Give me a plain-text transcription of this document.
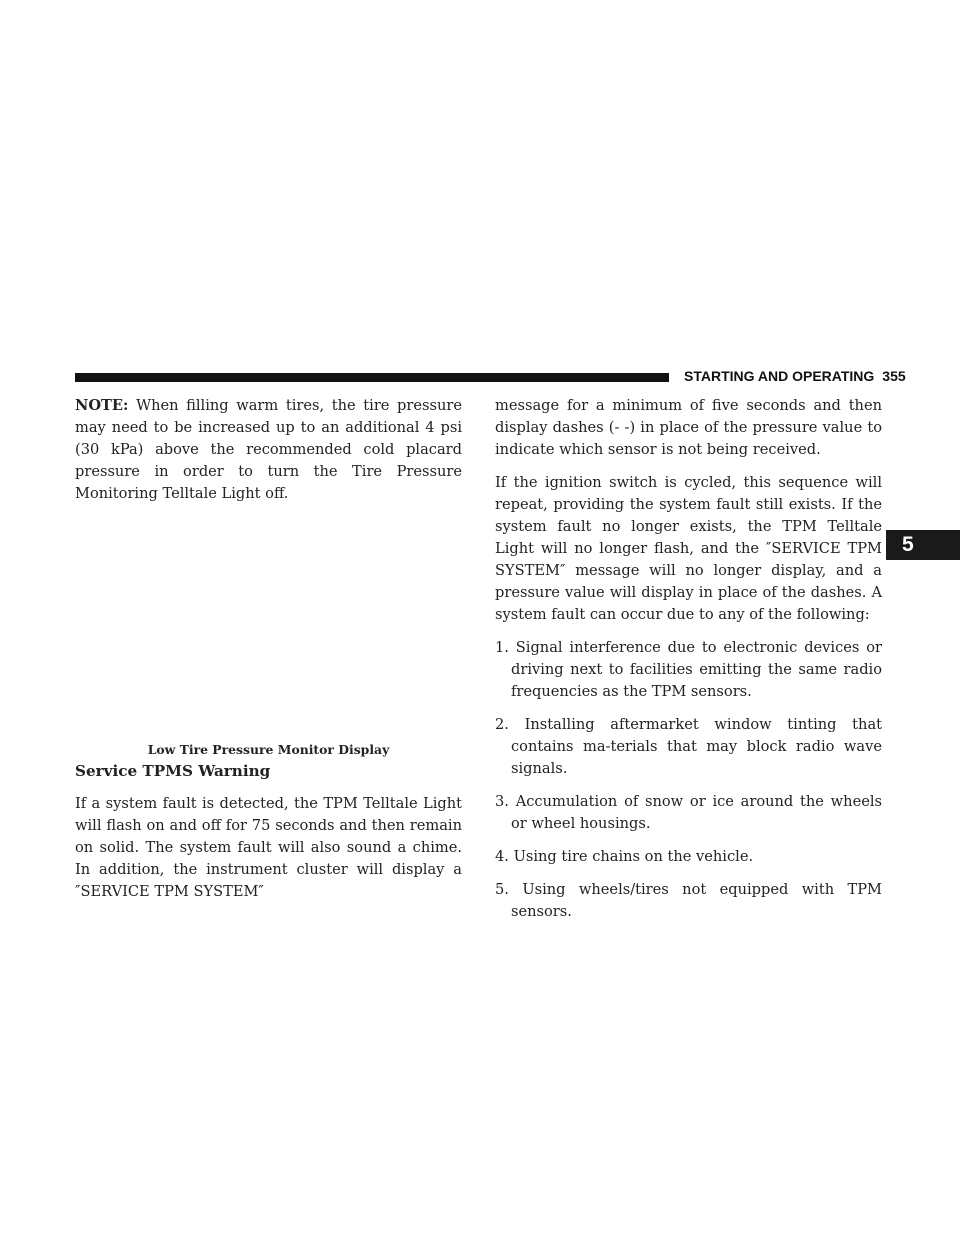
STARTING AND OPERATING 355
5

NOTE: When filling warm tires, the tire pressure may need to be increased up to an additional 4 psi (30 kPa) above the recommended cold placard pressure in order to turn the Tire Pressure Monitoring Telltale Light off.

Low Tire Pressure Monitor Display

Service TPMS Warning

If a system fault is detected, the TPM Telltale Light will flash on and off for 75 seconds and then remain on solid. The system fault will also sound a chime. In addition, the instrument cluster will display a ″SERVICE TPM SYSTEM″

message for a minimum of five seconds and then display dashes (- -) in place of the pressure value to indicate which sensor is not being received.

If the ignition switch is cycled, this sequence will repeat, providing the system fault still exists. If the system fault no longer exists, the TPM Telltale Light will no longer flash, and the ″SERVICE TPM SYSTEM″ message will no longer display, and a pressure value will display in place of the dashes. A system fault can occur due to any of the following:

1. Signal interference due to electronic devices or driving next to facilities emitting the same radio frequencies as the TPM sensors.
2. Installing aftermarket window tinting that contains ma-terials that may block radio wave signals.
3. Accumulation of snow or ice around the wheels or wheel housings.
4. Using tire chains on the vehicle.
5. Using wheels/tires not equipped with TPM sensors.
